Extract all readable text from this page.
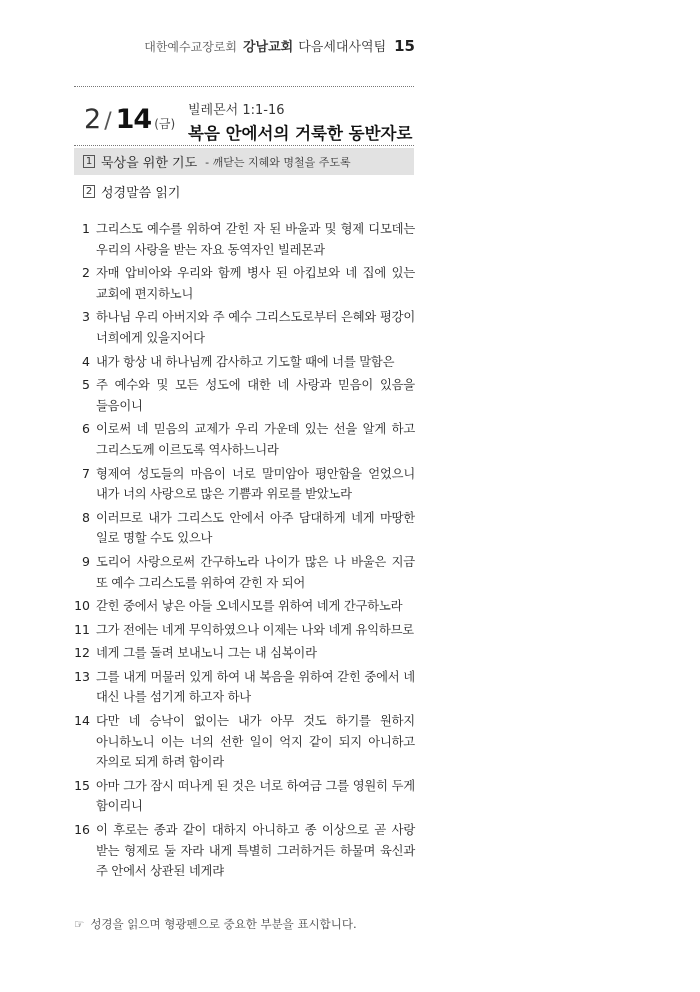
대한예수교장로회 강남교회 다음세대사역팀 15
2 / 14 (금)
빌레몬서 1:1-16
복음 안에서의 거룩한 동반자로
1 묵상을 위한 기도 - 깨닫는 지혜와 명철을 주도록
2 성경말씀 읽기
1 그리스도 예수를 위하여 갇힌 자 된 바울과 및 형제 디모데는 우리의 사랑을 받는 자요 동역자인 빌레몬과
2 자매 압비아와 우리와 함께 병사 된 아킵보와 네 집에 있는 교회에 편지하노니
3 하나님 우리 아버지와 주 예수 그리스도로부터 은혜와 평강이 너희에게 있을지어다
4 내가 항상 내 하나님께 감사하고 기도할 때에 너를 말함은
5 주 예수와 및 모든 성도에 대한 네 사랑과 믿음이 있음을 들음이니
6 이로써 네 믿음의 교제가 우리 가운데 있는 선을 알게 하고 그리스도께 이르도록 역사하느니라
7 형제여 성도들의 마음이 너로 말미암아 평안함을 얻었으니 내가 너의 사랑으로 많은 기쁨과 위로를 받았노라
8 이러므로 내가 그리스도 안에서 아주 담대하게 네게 마땅한 일로 명할 수도 있으나
9 도리어 사랑으로써 간구하노라 나이가 많은 나 바울은 지금 또 예수 그리스도를 위하여 갇힌 자 되어
10 갇힌 중에서 낳은 아들 오네시모를 위하여 네게 간구하노라
11 그가 전에는 네게 무익하였으나 이제는 나와 네게 유익하므로
12 네게 그를 돌려 보내노니 그는 내 심복이라
13 그를 내게 머물러 있게 하여 내 복음을 위하여 갇힌 중에서 네 대신 나를 섬기게 하고자 하나
14 다만 네 승낙이 없이는 내가 아무 것도 하기를 원하지 아니하노니 이는 너의 선한 일이 억지 같이 되지 아니하고 자의로 되게 하려 함이라
15 아마 그가 잠시 떠나게 된 것은 너로 하여금 그를 영원히 두게 함이리니
16 이 후로는 종과 같이 대하지 아니하고 종 이상으로 곧 사랑 받는 형제로 둘 자라 내게 특별히 그러하거든 하물며 육신과 주 안에서 상관된 네게랴
☞ 성경을 읽으며 형광펜으로 중요한 부분을 표시합니다.
